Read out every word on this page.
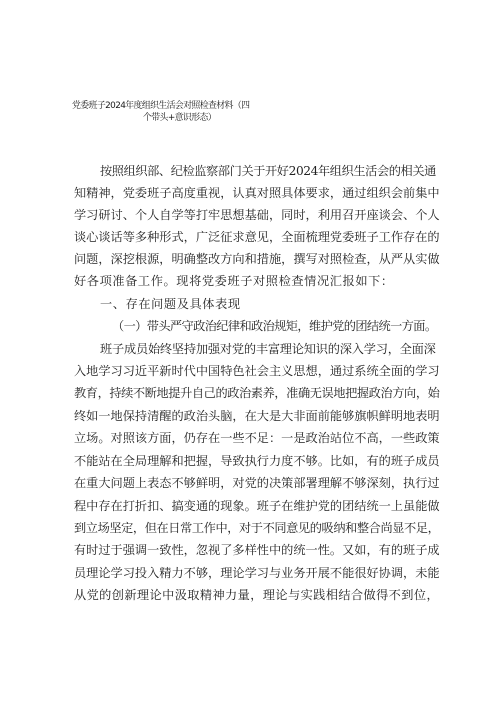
党委班子2024年度组织生活会对照检查材料（四
个带头+意识形态）
按照组织部、纪检监察部门关于开好2024年组织生活会的相关通
知精神，党委班子高度重视，认真对照具体要求，通过组织会前集中
学习研讨、个人自学等打牢思想基础，同时，利用召开座谈会、个人
谈心谈话等多种形式，广泛征求意见，全面梳理党委班子工作存在的
问题，深挖根源，明确整改方向和措施，撰写对照检查，从严从实做
好各项准备工作。现将党委班子对照检查情况汇报如下：
一、存在问题及具体表现
（一）带头严守政治纪律和政治规矩，维护党的团结统一方面。
班子成员始终坚持加强对党的丰富理论知识的深入学习，全面深
入地学习习近平新时代中国特色社会主义思想，通过系统全面的学习
教育，持续不断地提升自己的政治素养，准确无误地把握政治方向，始
终如一地保持清醒的政治头脑，在大是大非面前能够旗帜鲜明地表明
立场。对照该方面，仍存在一些不足：一是政治站位不高，一些政策
不能站在全局理解和把握，导致执行力度不够。比如，有的班子成员
在重大问题上表态不够鲜明，对党的决策部署理解不够深刻，执行过
程中存在打折扣、搞变通的现象。班子在维护党的团结统一上虽能做
到立场坚定，但在日常工作中，对于不同意见的吸纳和整合尚显不足，
有时过于强调一致性，忽视了多样性中的统一性。又如，有的班子成
员理论学习投入精力不够，理论学习与业务开展不能很好协调，未能
从党的创新理论中汲取精神力量，理论与实践相结合做得不到位，
